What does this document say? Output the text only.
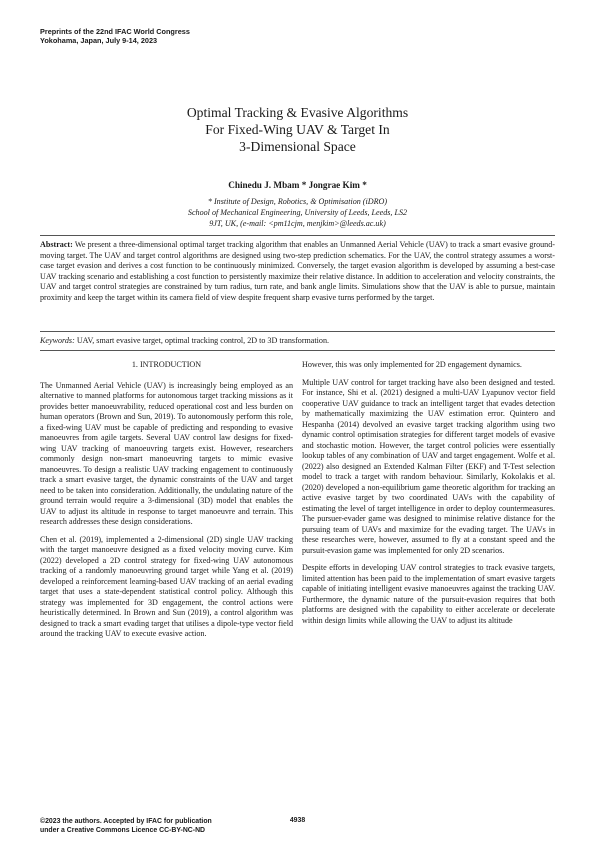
Preprints of the 22nd IFAC World Congress
Yokohama, Japan, July 9-14, 2023
Optimal Tracking & Evasive Algorithms
For Fixed-Wing UAV & Target In
3-Dimensional Space
Chinedu J. Mbam * Jongrae Kim *
* Institute of Design, Robotics, & Optimisation (iDRO)
School of Mechanical Engineering, University of Leeds, Leeds, LS2
9JT, UK, (e-mail: <pm11cjm, menjkim>@leeds.ac.uk)
Abstract: We present a three-dimensional optimal target tracking algorithm that enables an Unmanned Aerial Vehicle (UAV) to track a smart evasive ground-moving target. The UAV and target control algorithms are designed using two-step prediction schematics. For the UAV, the control strategy assumes a worst-case target evasion and derives a cost function to be continuously minimized. Conversely, the target evasion algorithm is developed by assuming a best-case UAV tracking scenario and establishing a cost function to persistently maximize their relative distance. In addition to acceleration and velocity constraints, the UAV and target control strategies are constrained by turn radius, turn rate, and bank angle limits. Simulations show that the UAV is able to pursue, maintain proximity and keep the target within its camera field of view despite frequent sharp evasive turns performed by the target.
Keywords: UAV, smart evasive target, optimal tracking control, 2D to 3D transformation.
1. INTRODUCTION

The Unmanned Aerial Vehicle (UAV) is increasingly being employed as an alternative to manned platforms for autonomous target tracking missions as it provides better manoeuvrability, reduced operational cost and less burden on human operators (Brown and Sun, 2019). To autonomously perform this role, a fixed-wing UAV must be capable of predicting and responding to evasive manoeuvres from agile targets. Several UAV control law designs for fixed-wing UAV tracking of manoeuvring targets exist. However, researchers commonly design non-smart manoeuvring targets to mimic evasive manoeuvres. To design a realistic UAV tracking engagement to continuously track a smart evasive target, the dynamic constraints of the UAV and target need to be taken into consideration. Additionally, the undulating nature of the ground terrain would require a 3-dimensional (3D) model that enables the UAV to adjust its altitude in response to target manoeuvre and terrain. This research addresses these design considerations.

Chen et al. (2019), implemented a 2-dimensional (2D) single UAV tracking with the target manoeuvre designed as a fixed velocity moving curve. Kim (2022) developed a 2D control strategy for fixed-wing UAV autonomous tracking of a randomly manoeuvring ground target while Yang et al. (2019) developed a reinforcement learning-based UAV tracking of an aerial evading target that uses a state-dependent statistical control policy. Although this strategy was implemented for 3D engagement, the control actions were heuristically determined. In Brown and Sun (2019), a control algorithm was designed to track a smart evading target that utilises a dipole-type vector field around the tracking UAV to execute evasive action.

However, this was only implemented for 2D engagement dynamics.

Multiple UAV control for target tracking have also been designed and tested. For instance, Shi et al. (2021) designed a multi-UAV Lyapunov vector field cooperative UAV guidance to track an intelligent target that evades detection by mathematically maximizing the UAV estimation error. Quintero and Hespanha (2014) devolved an evasive target tracking algorithm using two dynamic control optimisation strategies for different target models of evasive and stochastic motion. However, the target control policies were essentially lookup tables of any combination of UAV and target engagement. Wolfe et al. (2022) also designed an Extended Kalman Filter (EKF) and T-Test selection model to track a target with random behaviour. Similarly, Kokolakis et al. (2020) developed a non-equilibrium game theoretic algorithm for tracking an active evasive target by two coordinated UAVs with the capability of estimating the level of target intelligence in order to deploy countermeasures. The pursuer-evader game was designed to minimise relative distance for the pursuing team of UAVs and maximize for the evading target. The UAVs in these researches were, however, assumed to fly at a constant speed and the pursuit-evasion game was implemented for only 2D scenarios.

Despite efforts in developing UAV control strategies to track evasive targets, limited attention has been paid to the implementation of smart evasive targets capable of initiating intelligent evasive manoeuvres against the tracking UAV. Furthermore, the dynamic nature of the pursuit-evasion requires that both platforms are designed with the capability to either accelerate or decelerate within design limits while allowing the UAV to adjust its altitude

©2023 the authors. Accepted by IFAC for publication
under a Creative Commons Licence CC-BY-NC-ND
4938
